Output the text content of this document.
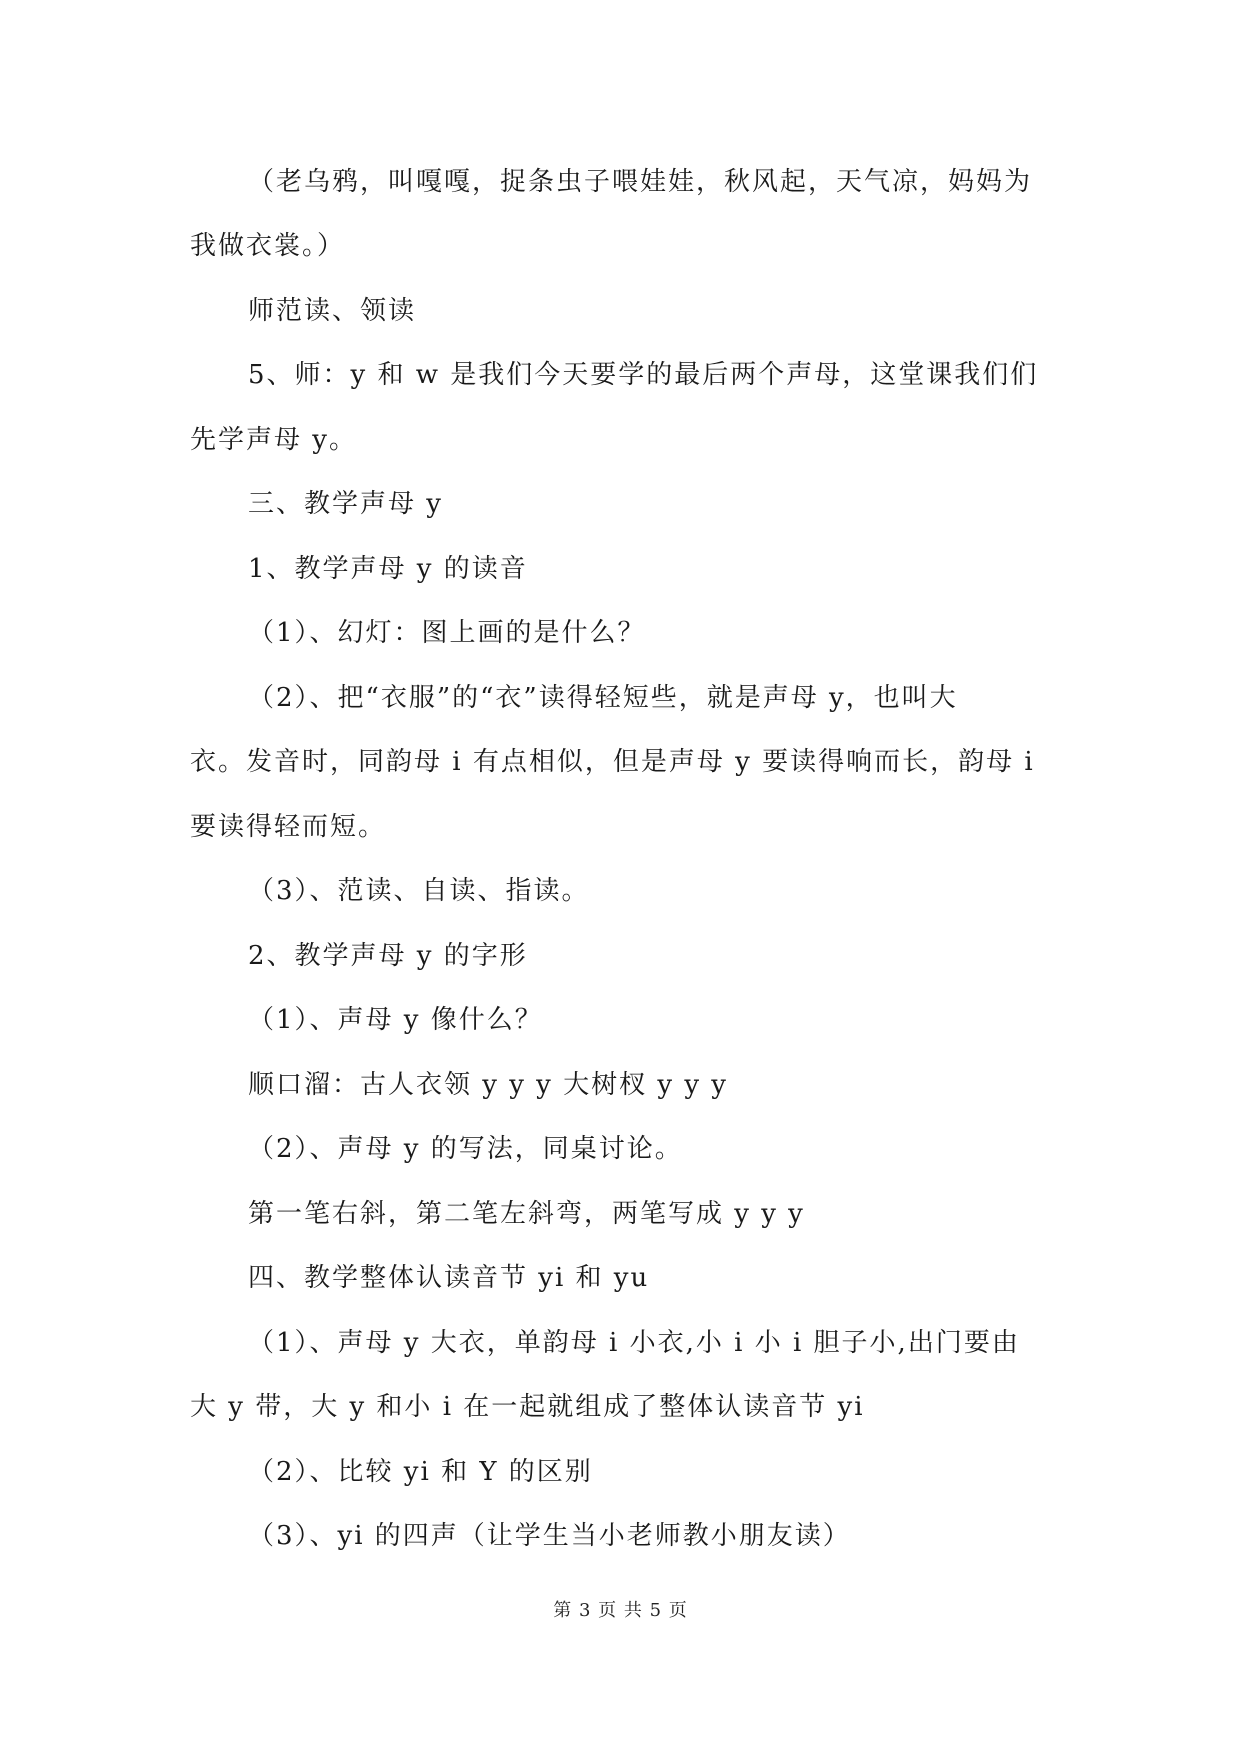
（老乌鸦，叫嘎嘎，捉条虫子喂娃娃，秋风起，天气凉，妈妈为
我做衣裳。）
师范读、领读
5、师：y 和 w 是我们今天要学的最后两个声母，这堂课我们们
先学声母 y。
三、教学声母 y
1、教学声母 y 的读音
（1）、幻灯：图上画的是什么？
（2）、把“衣服”的“衣”读得轻短些，就是声母 y，也叫大
衣。发音时，同韵母 i 有点相似，但是声母 y 要读得响而长，韵母 i
要读得轻而短。
（3）、范读、自读、指读。
2、教学声母 y 的字形
（1）、声母 y 像什么？
顺口溜：古人衣领 y y y 大树杈 y y y
（2）、声母 y 的写法，同桌讨论。
第一笔右斜，第二笔左斜弯，两笔写成 y y y
四、教学整体认读音节 yi 和 yu
（1）、声母 y 大衣，单韵母 i 小衣,小 i 小 i 胆子小,出门要由
大 y 带，大 y 和小 i 在一起就组成了整体认读音节 yi
（2）、比较 yi 和 Y 的区别
（3）、yi 的四声（让学生当小老师教小朋友读）
第 3 页 共 5 页
